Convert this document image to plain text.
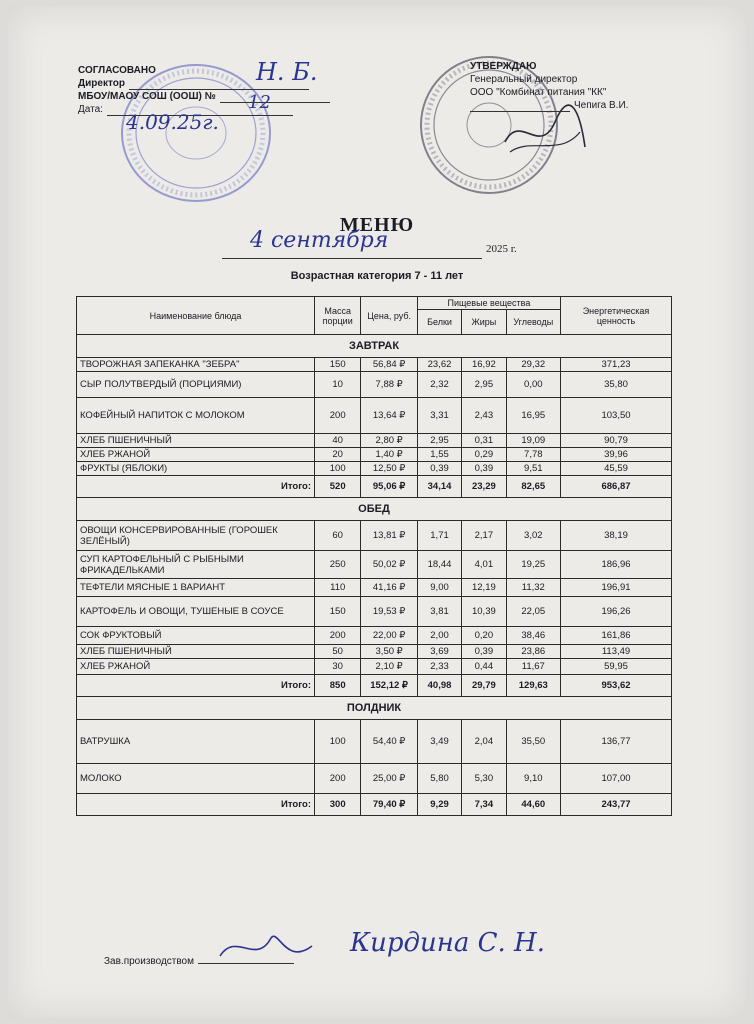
СОГЛАСОВАНО
Директор
МБОУ/МАОУ СОШ (ООШ) №
Дата:
УТВЕРЖДАЮ
Генеральный директор
ООО "Комбинат питания "КК"
Чепига В.И.
Н. Б.
12
4.09.25г.
МЕНЮ
4 сентября	2025 г.
Возрастная категория 7 - 11 лет
Наименование блюда	Масса порции	Цена, руб.	Пищевые вещества			Энергетическая ценность
			Белки	Жиры	Углеводы	
ЗАВТРАК						
ТВОРОЖНАЯ ЗАПЕКАНКА "ЗЕБРА"	150	56,84 ₽	23,62	16,92	29,32	371,23
СЫР ПОЛУТВЕРДЫЙ (ПОРЦИЯМИ)	10	7,88 ₽	2,32	2,95	0,00	35,80
КОФЕЙНЫЙ НАПИТОК С МОЛОКОМ	200	13,64 ₽	3,31	2,43	16,95	103,50
ХЛЕБ ПШЕНИЧНЫЙ	40	2,80 ₽	2,95	0,31	19,09	90,79
ХЛЕБ РЖАНОЙ	20	1,40 ₽	1,55	0,29	7,78	39,96
ФРУКТЫ (ЯБЛОКИ)	100	12,50 ₽	0,39	0,39	9,51	45,59
Итого:	520	95,06 ₽	34,14	23,29	82,65	686,87
ОБЕД						
ОВОЩИ КОНСЕРВИРОВАННЫЕ (ГОРОШЕК ЗЕЛЁНЫЙ)	60	13,81 ₽	1,71	2,17	3,02	38,19
СУП КАРТОФЕЛЬНЫЙ С РЫБНЫМИ ФРИКАДЕЛЬКАМИ	250	50,02 ₽	18,44	4,01	19,25	186,96
ТЕФТЕЛИ МЯСНЫЕ 1 ВАРИАНТ	110	41,16 ₽	9,00	12,19	11,32	196,91
КАРТОФЕЛЬ И ОВОЩИ, ТУШЕНЫЕ В СОУСЕ	150	19,53 ₽	3,81	10,39	22,05	196,26
СОК ФРУКТОВЫЙ	200	22,00 ₽	2,00	0,20	38,46	161,86
ХЛЕБ ПШЕНИЧНЫЙ	50	3,50 ₽	3,69	0,39	23,86	113,49
ХЛЕБ РЖАНОЙ	30	2,10 ₽	2,33	0,44	11,67	59,95
Итого:	850	152,12 ₽	40,98	29,79	129,63	953,62
ПОЛДНИК						
ВАТРУШКА	100	54,40 ₽	3,49	2,04	35,50	136,77
МОЛОКО	200	25,00 ₽	5,80	5,30	9,10	107,00
Итого:	300	79,40 ₽	9,29	7,34	44,60	243,77
Зав.производством
Кирдина С. Н.
